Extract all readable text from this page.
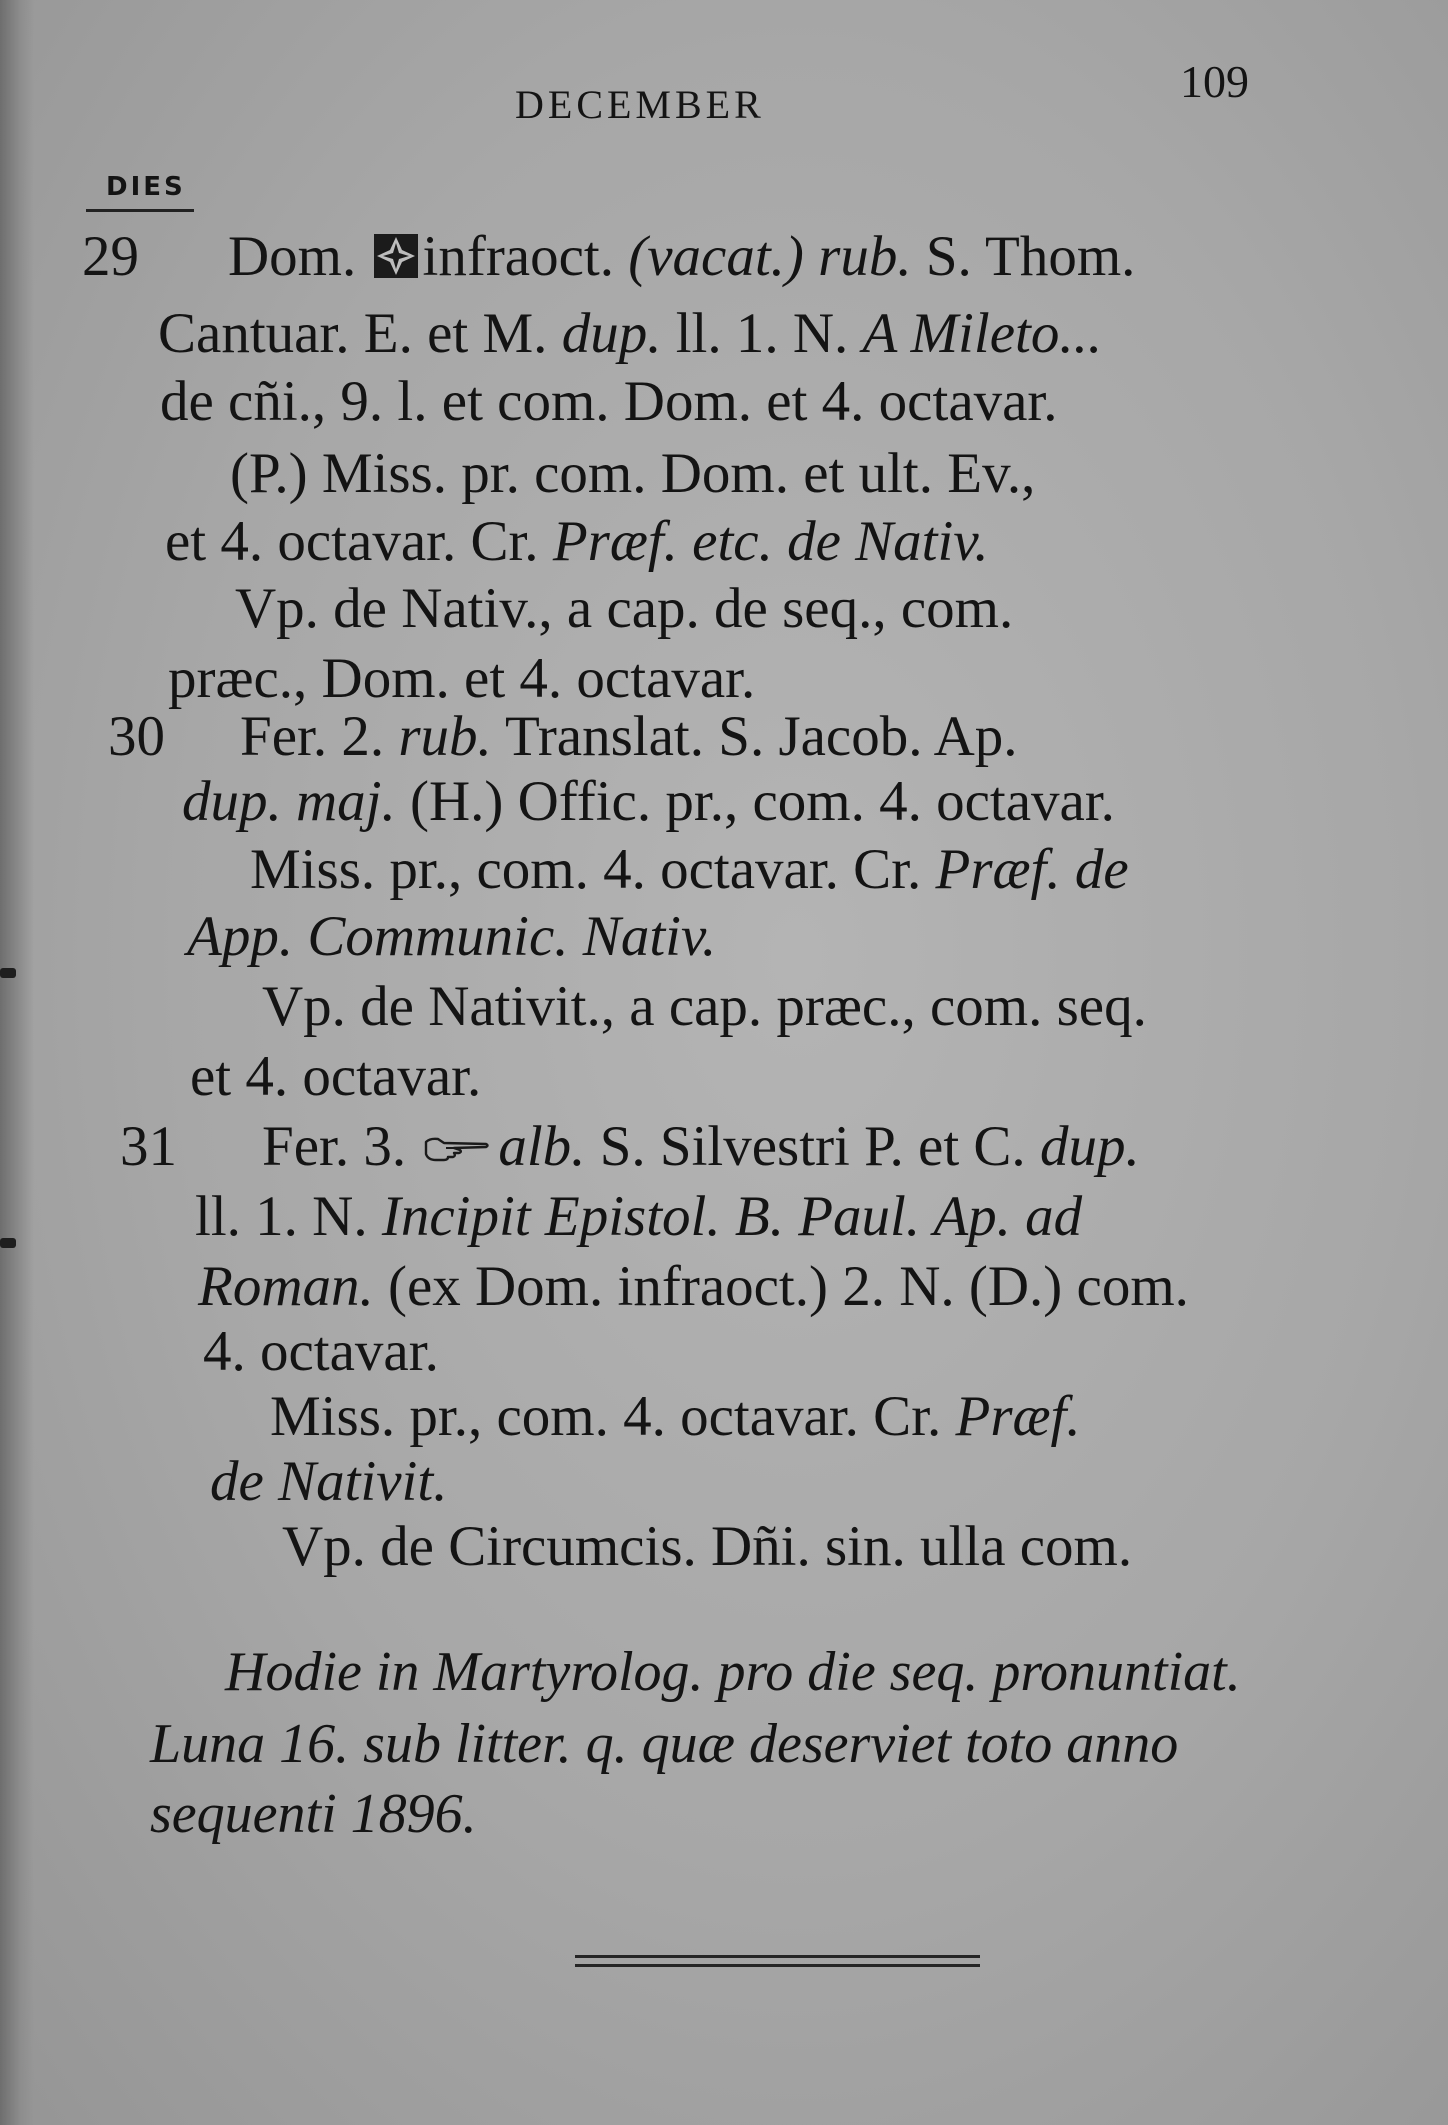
DECEMBER	109
DIES
29 Dom. infraoct. (vacat.) rub. S. Thom.
Cantuar. E. et M. dup. ll. 1. N. A Mileto...
de cñi., 9. l. et com. Dom. et 4. octavar.
(P.) Miss. pr. com. Dom. et ult. Ev.,
et 4. octavar. Cr. Præf. etc. de Nativ.
Vp. de Nativ., a cap. de seq., com.
præc., Dom. et 4. octavar.
30 Fer. 2. rub. Translat. S. Jacob. Ap.
dup. maj. (H.) Offic. pr., com. 4. octavar.
Miss. pr., com. 4. octavar. Cr. Præf. de
App. Communic. Nativ.
Vp. de Nativit., a cap. præc., com. seq.
et 4. octavar.
31 Fer. 3. alb. S. Silvestri P. et C. dup.
ll. 1. N. Incipit Epistol. B. Paul. Ap. ad
Roman. (ex Dom. infraoct.) 2. N. (D.) com.
4. octavar.
Miss. pr., com. 4. octavar. Cr. Præf.
de Nativit.
Vp. de Circumcis. Dñi. sin. ulla com.
Hodie in Martyrolog. pro die seq. pronuntiat.
Luna 16. sub litter. q. quæ deserviet toto anno
sequenti 1896.
